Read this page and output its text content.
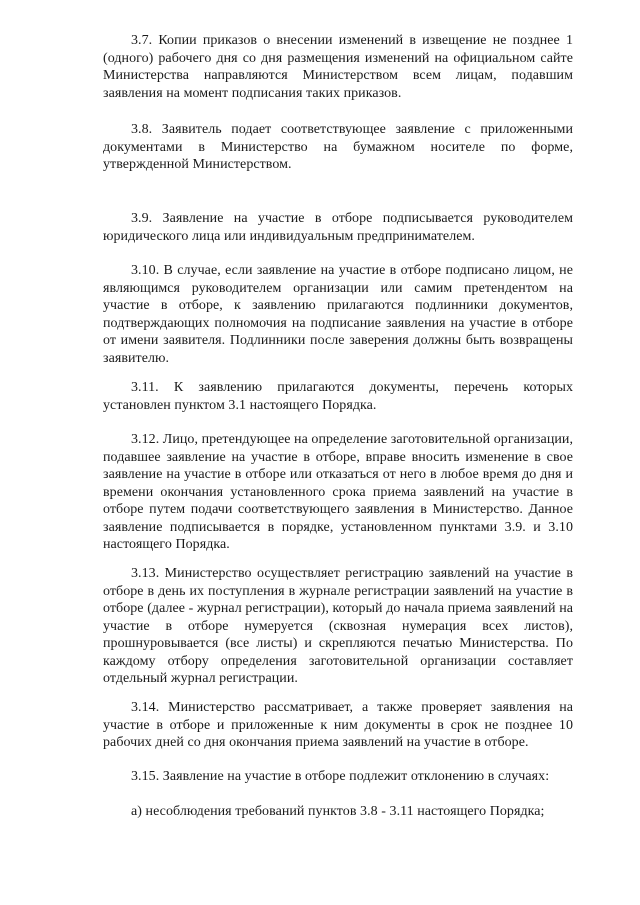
3.7. Копии приказов о внесении изменений в извещение не позднее 1 (одного) рабочего дня со дня размещения изменений на официальном сайте Министерства направляются Министерством всем лицам, подавшим заявления на момент подписания таких приказов.

3.8. Заявитель подает соответствующее заявление с приложенными документами в Министерство на бумажном носителе по форме, утвержденной Министерством.

3.9. Заявление на участие в отборе подписывается руководителем юридического лица или индивидуальным предпринимателем.

3.10. В случае, если заявление на участие в отборе подписано лицом, не являющимся руководителем организации или самим претендентом на участие в отборе, к заявлению прилагаются подлинники документов, подтверждающих полномочия на подписание заявления на участие в отборе от имени заявителя. Подлинники после заверения должны быть возвращены заявителю.

3.11. К заявлению прилагаются документы, перечень которых установлен пунктом 3.1 настоящего Порядка.

3.12. Лицо, претендующее на определение заготовительной организации, подавшее заявление на участие в отборе, вправе вносить изменение в свое заявление на участие в отборе или отказаться от него в любое время до дня и времени окончания установленного срока приема заявлений на участие в отборе путем подачи соответствующего заявления в Министерство. Данное заявление подписывается в порядке, установленном пунктами 3.9. и 3.10 настоящего Порядка.

3.13. Министерство осуществляет регистрацию заявлений на участие в отборе в день их поступления в журнале регистрации заявлений на участие в отборе (далее - журнал регистрации), который до начала приема заявлений на участие в отборе нумеруется (сквозная нумерация всех листов), прошнуровывается (все листы) и скрепляются печатью Министерства. По каждому отбору определения заготовительной организации составляет отдельный журнал регистрации.

3.14. Министерство рассматривает, а также проверяет заявления на участие в отборе и приложенные к ним документы в срок не позднее 10 рабочих дней со дня окончания приема заявлений на участие в отборе.

3.15. Заявление на участие в отборе подлежит отклонению в случаях:

а) несоблюдения требований пунктов 3.8 - 3.11 настоящего Порядка;
